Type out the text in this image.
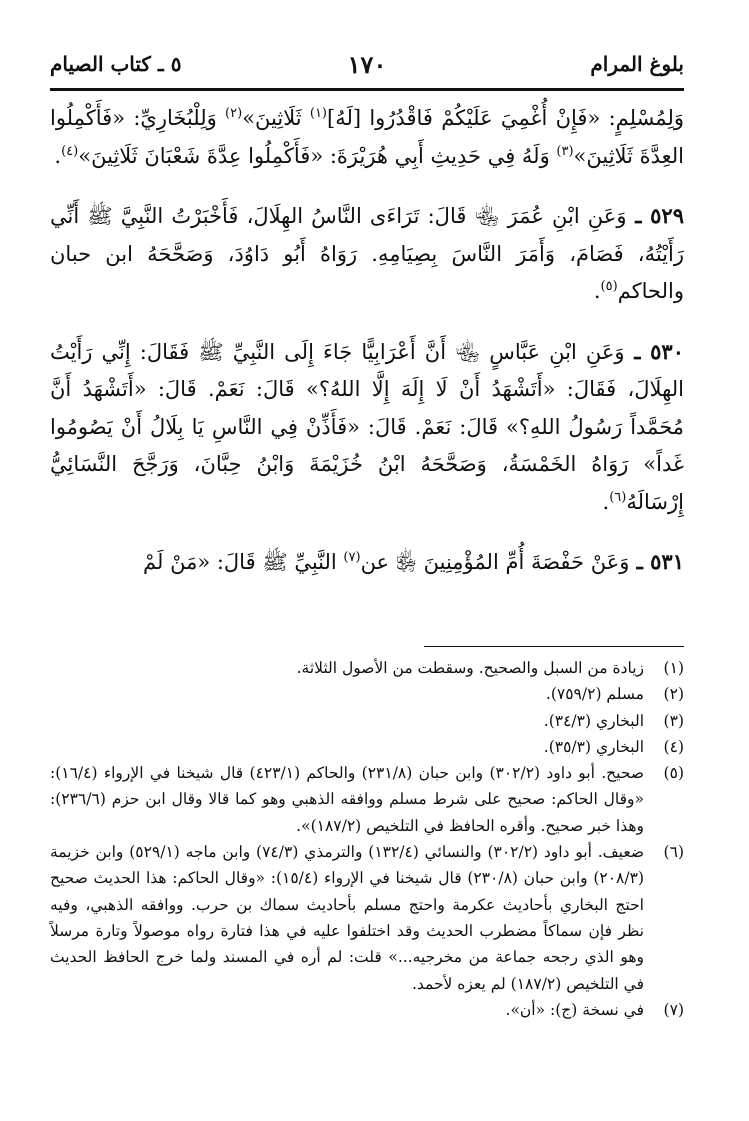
بلوغ المرام
١٧٠
٥ ـ كتاب الصيام

وَلِمُسْلِمٍ: «فَإِنْ أُغْمِيَ عَلَيْكُمْ فَاقْدُرُوا [لَهُ]$^{(١)}$ ثَلَاثِينَ»$^{(٢)}$ وَلِلْبُخَارِيِّ: «فَأَكْمِلُوا العِدَّةَ ثَلَاثِينَ»$^{(٣)}$ وَلَهُ فِي حَدِيثِ أَبِي هُرَيْرَةَ: «فَأَكْمِلُوا عِدَّةَ شَعْبَانَ ثَلَاثِينَ»$^{(٤)}$.

٥٢٩ ـ وَعَنِ ابْنِ عُمَرَ ﵄ قَالَ: تَرَاءَى النَّاسُ الهِلَالَ، فَأَخْبَرْتُ النَّبِيَّ ﷺ أَنِّي رَأَيْتُهُ، فَصَامَ، وَأَمَرَ النَّاسَ بِصِيَامِهِ. رَوَاهُ أَبُو دَاوُدَ، وَصَحَّحَهُ ابن حبان والحاكم$^{(٥)}$.

٥٣٠ ـ وَعَنِ ابْنِ عَبَّاسٍ ﵄ أَنَّ أَعْرَابِيًّا جَاءَ إِلَى النَّبِيِّ ﷺ فَقَالَ: إِنِّي رَأَيْتُ الهِلَالَ، فَقَالَ: «أَتَشْهَدُ أَنْ لَا إِلَهَ إِلَّا اللهُ؟» قَالَ: نَعَمْ. قَالَ: «أَتَشْهَدُ أَنَّ مُحَمَّداً رَسُولُ اللهِ؟» قَالَ: نَعَمْ. قَالَ: «فَأَذِّنْ فِي النَّاسِ يَا بِلَالُ أَنْ يَصُومُوا غَداً» رَوَاهُ الخَمْسَةُ، وَصَحَّحَهُ ابْنُ خُزَيْمَةَ وَابْنُ حِبَّانَ، وَرَجَّحَ النَّسَائِيُّ إِرْسَالَهُ$^{(٦)}$.

٥٣١ ـ وَعَنْ حَفْصَةَ أُمِّ المُؤْمِنِينَ ﵂ عن$^{(٧)}$ النَّبِيِّ ﷺ قَالَ: «مَنْ لَمْ

(١)
زيادة من السبل والصحيح. وسقطت من الأصول الثلاثة.
(٢)
مسلم (٧٥٩/٢).
(٣)
البخاري (٣٤/٣).
(٤)
البخاري (٣٥/٣).
(٥)
صحيح. أبو داود (٣٠٢/٢) وابن حبان (٢٣١/٨) والحاكم (٤٢٣/١) قال شيخنا في الإرواء (١٦/٤): «وقال الحاكم: صحيح على شرط مسلم ووافقه الذهبي وهو كما قالا وقال ابن حزم (٢٣٦/٦): وهذا خبر صحيح. وأقره الحافظ في التلخيص (١٨٧/٢)».
(٦)
ضعيف. أبو داود (٣٠٢/٢) والنسائي (١٣٢/٤) والترمذي (٧٤/٣) وابن ماجه (٥٢٩/١) وابن خزيمة (٢٠٨/٣) وابن حبان (٢٣٠/٨) قال شيخنا في الإرواء (١٥/٤): «وقال الحاكم: هذا الحديث صحيح احتج البخاري بأحاديث عكرمة واحتج مسلم بأحاديث سماك بن حرب. ووافقه الذهبي، وفيه نظر فإن سماكاً مضطرب الحديث وقد اختلفوا عليه في هذا فتارة رواه موصولاً وتارة مرسلاً وهو الذي رجحه جماعة من مخرجيه...» قلت: لم أره في المسند ولما خرج الحافظ الحديث في التلخيص (١٨٧/٢) لم يعزه لأحمد.
(٧)
في نسخة (ج): «أن».
